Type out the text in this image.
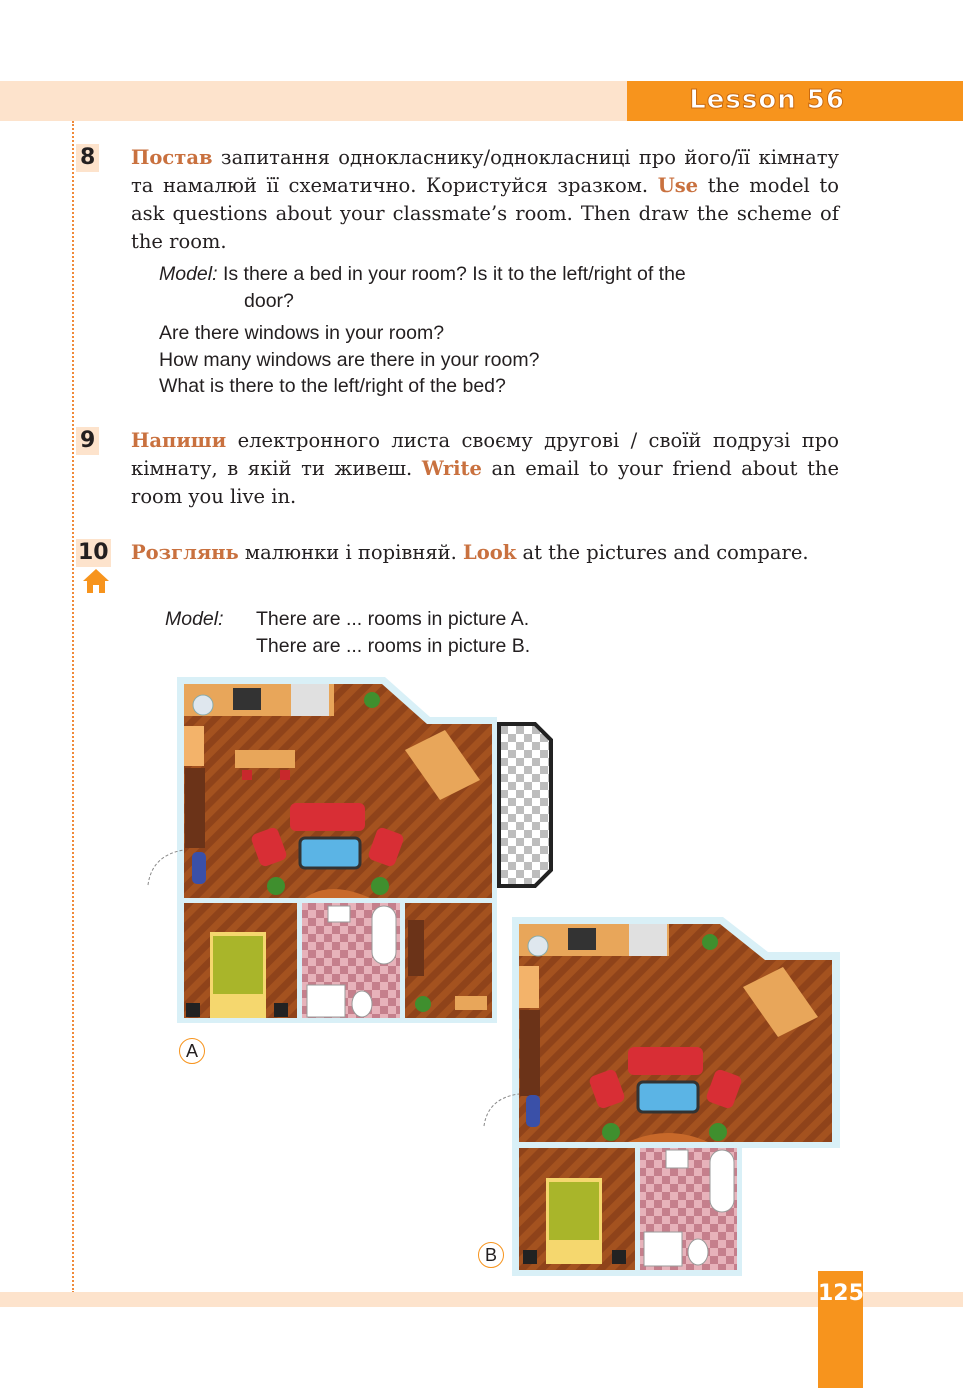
Lesson 56
8 Постав запитання однокласнику/однокласниці про його/її кімнату та намалюй її схематично. Користуйся зразком. Use the model to ask questions about your classmate’s room. Then draw the scheme of the room.
Model: Is there a bed in your room? Is it to the left/right of the
door?
Are there windows in your room?
How many windows are there in your room?
What is there to the left/right of the bed?
9 Напиши електронного листа своєму другові / своїй подрузі про кімнату, в якій ти живеш. Write an email to your friend about the room you live in.
10 Розглянь малюнки і порівняй. Look at the pictures and compare.
Model: There are ... rooms in picture A.
There are ... rooms in picture B.
A
B
125
